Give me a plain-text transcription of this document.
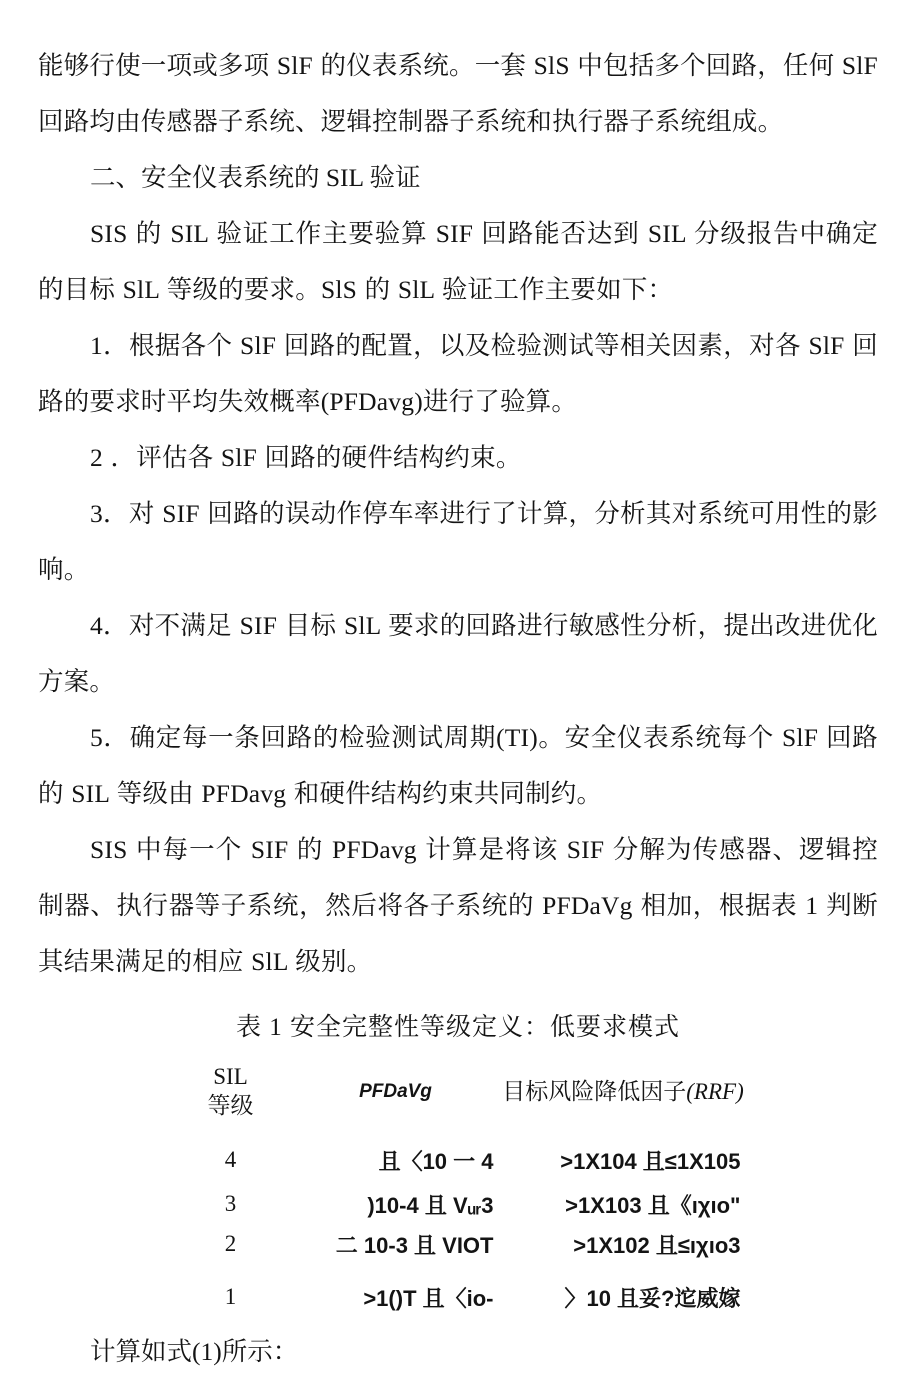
能够行使一项或多项 SlF 的仪表系统。一套 SlS 中包括多个回路，任何 SlF 回路均由传感器子系统、逻辑控制器子系统和执行器子系统组成。

二、安全仪表系统的 SIL 验证

SIS 的 SIL 验证工作主要验算 SIF 回路能否达到 SIL 分级报告中确定的目标 SlL 等级的要求。SlS 的 SlL 验证工作主要如下：

1．根据各个 SlF 回路的配置，以及检验测试等相关因素，对各 SlF 回路的要求时平均失效概率(PFDavg)进行了验算。

2 ．评估各 SlF 回路的硬件结构约束。

3．对 SIF 回路的误动作停车率进行了计算，分析其对系统可用性的影响。

4．对不满足 SIF 目标 SlL 要求的回路进行敏感性分析，提出改进优化方案。

5．确定每一条回路的检验测试周期(TI)。安全仪表系统每个 SlF 回路的 SIL 等级由 PFDavg 和硬件结构约束共同制约。

SIS 中每一个 SIF 的 PFDavg 计算是将该 SIF 分解为传感器、逻辑控制器、执行器等子系统，然后将各子系统的 PFDaVg 相加，根据表 1 判断其结果满足的相应 SlL 级别。

表 1 安全完整性等级定义：低要求模式

SIL
等级	PFDaVg	目标风险降低因子(RRF)

4	且〈10 一 4	>1X104 且≤1X105
3	)10-4 且 Vᵤᵣ3	>1X103 且《ıχıo"
2	二 10-3 且 VIOT	>1X102 且≤ıχıo3
1	>1()T 且〈io-	〉10 且妥?迱威嫁

计算如式(1)所示：
